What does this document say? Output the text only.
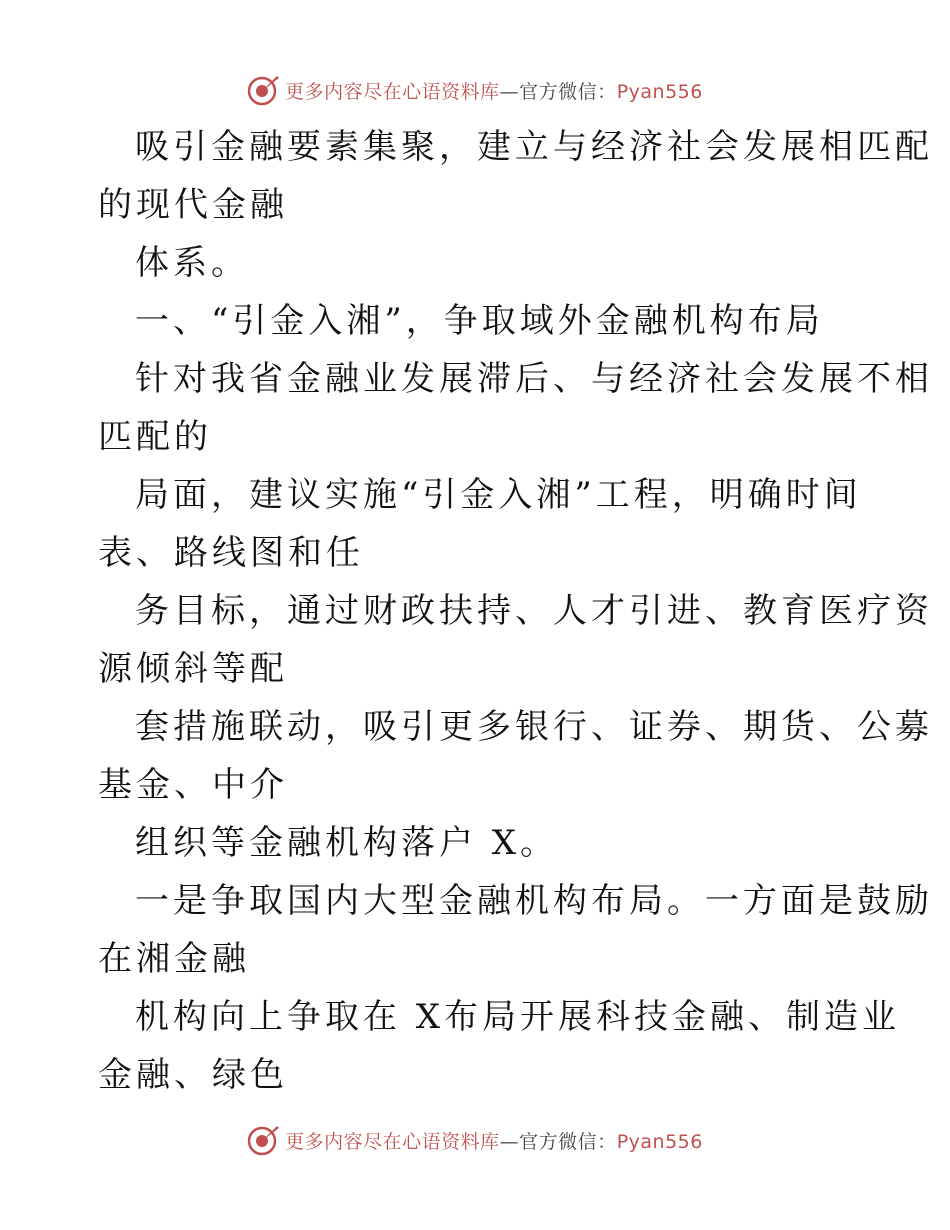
更多内容尽在心语资料库—官方微信：Pyan556
吸引金融要素集聚，建立与经济社会发展相匹配
的现代金融
体系。
一、“引金入湘”，争取域外金融机构布局
针对我省金融业发展滞后、与经济社会发展不相
匹配的
局面，建议实施“引金入湘”工程，明确时间
表、路线图和任
务目标，通过财政扶持、人才引进、教育医疗资
源倾斜等配
套措施联动，吸引更多银行、证券、期货、公募
基金、中介
组织等金融机构落户 X。
一是争取国内大型金融机构布局。一方面是鼓励
在湘金融
机构向上争取在 X布局开展科技金融、制造业
金融、绿色
更多内容尽在心语资料库—官方微信：Pyan556
